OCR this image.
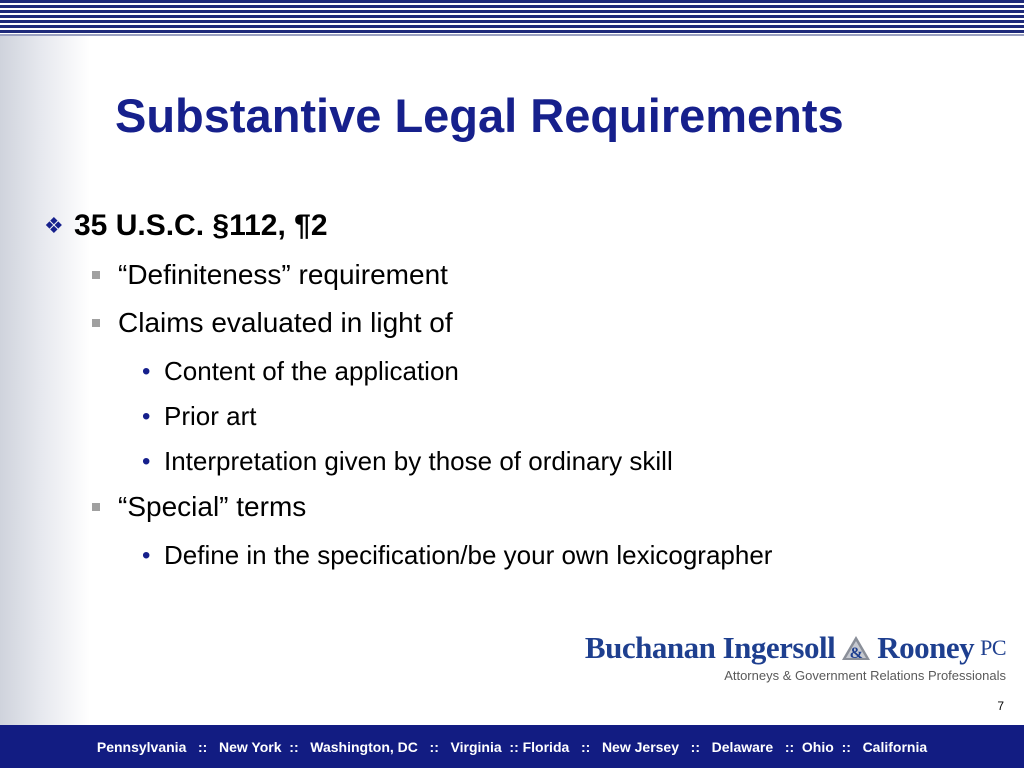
Substantive Legal Requirements
❖ 35 U.S.C. §112, ¶2
“Definiteness” requirement
Claims evaluated in light of
• Content of the application
• Prior art
• Interpretation given by those of ordinary skill
“Special” terms
• Define in the specification/be your own lexicographer
Buchanan Ingersoll & Rooney PC
Attorneys & Government Relations Professionals
7
Pennsylvania   ::   New York  ::   Washington, DC   ::   Virginia  :: Florida   ::   New Jersey   ::   Delaware   ::  Ohio  ::   California
